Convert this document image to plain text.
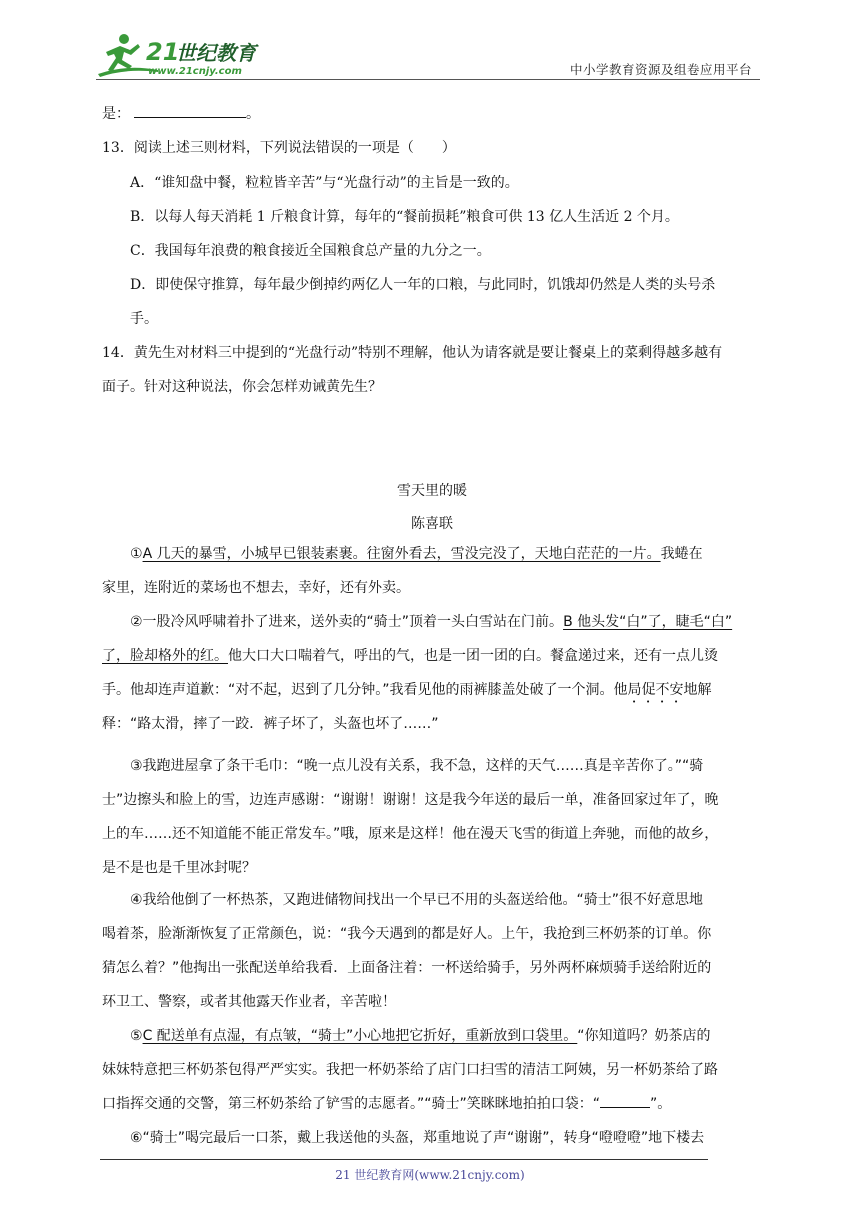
21
世纪教育
www.21cnjy.com	中小学教育资源及组卷应用平台
是：	。
13．阅读上述三则材料，下列说法错误的一项是（　　）
A．“谁知盘中餐，粒粒皆辛苦”与“光盘行动”的主旨是一致的。
B．以每人每天消耗 1 斤粮食计算，每年的“餐前损耗”粮食可供 13 亿人生活近 2 个月。
C．我国每年浪费的粮食接近全国粮食总产量的九分之一。
D．即使保守推算，每年最少倒掉约两亿人一年的口粮，与此同时，饥饿却仍然是人类的头号杀
手。
14．黄先生对材料三中提到的“光盘行动”特别不理解，他认为请客就是要让餐桌上的菜剩得越多越有
面子。针对这种说法，你会怎样劝诫黄先生？
雪天里的暖
陈喜联
①A 几天的暴雪，小城早已银装素裹。往窗外看去，雪没完没了，天地白茫茫的一片。我蜷在
家里，连附近的菜场也不想去，幸好，还有外卖。
②一股冷风呼啸着扑了进来，送外卖的“骑士”顶着一头白雪站在门前。B 他头发“白”了，睫毛“白”
了，脸却格外的红。他大口大口喘着气，呼出的气，也是一团一团的白。餐盒递过来，还有一点儿烫
手。他却连声道歉：“对不起，迟到了几分钟。”我看见他的雨裤膝盖处破了一个洞。他局促不安地解
释：“路太滑，摔了一跤．裤子坏了，头盔也坏了……”
③我跑进屋拿了条干毛巾：“晚一点儿没有关系，我不急，这样的天气……真是辛苦你了。”“骑
士”边擦头和脸上的雪，边连声感谢：“谢谢！谢谢！这是我今年送的最后一单，准备回家过年了，晚
上的车……还不知道能不能正常发车。”哦，原来是这样！他在漫天飞雪的街道上奔驰，而他的故乡，
是不是也是千里冰封呢？
④我给他倒了一杯热茶，又跑进储物间找出一个早已不用的头盔送给他。“骑士”很不好意思地
喝着茶，脸渐渐恢复了正常颜色，说：“我今天遇到的都是好人。上午，我抢到三杯奶茶的订单。你
猜怎么着？”他掏出一张配送单给我看．上面备注着：一杯送给骑手，另外两杯麻烦骑手送给附近的
环卫工、警察，或者其他露天作业者，辛苦啦！
⑤C 配送单有点湿，有点皱，“骑士”小心地把它折好，重新放到口袋里。“你知道吗？奶茶店的
妹妹特意把三杯奶茶包得严严实实。我把一杯奶茶给了店门口扫雪的清洁工阿姨，另一杯奶茶给了路
口指挥交通的交警，第三杯奶茶给了铲雪的志愿者。”“骑士”笑眯眯地拍拍口袋：“	”。
⑥“骑士”喝完最后一口茶，戴上我送他的头盔，郑重地说了声“谢谢”，转身“噔噔噔”地下楼去
21 世纪教育网(www.21cnjy.com)
